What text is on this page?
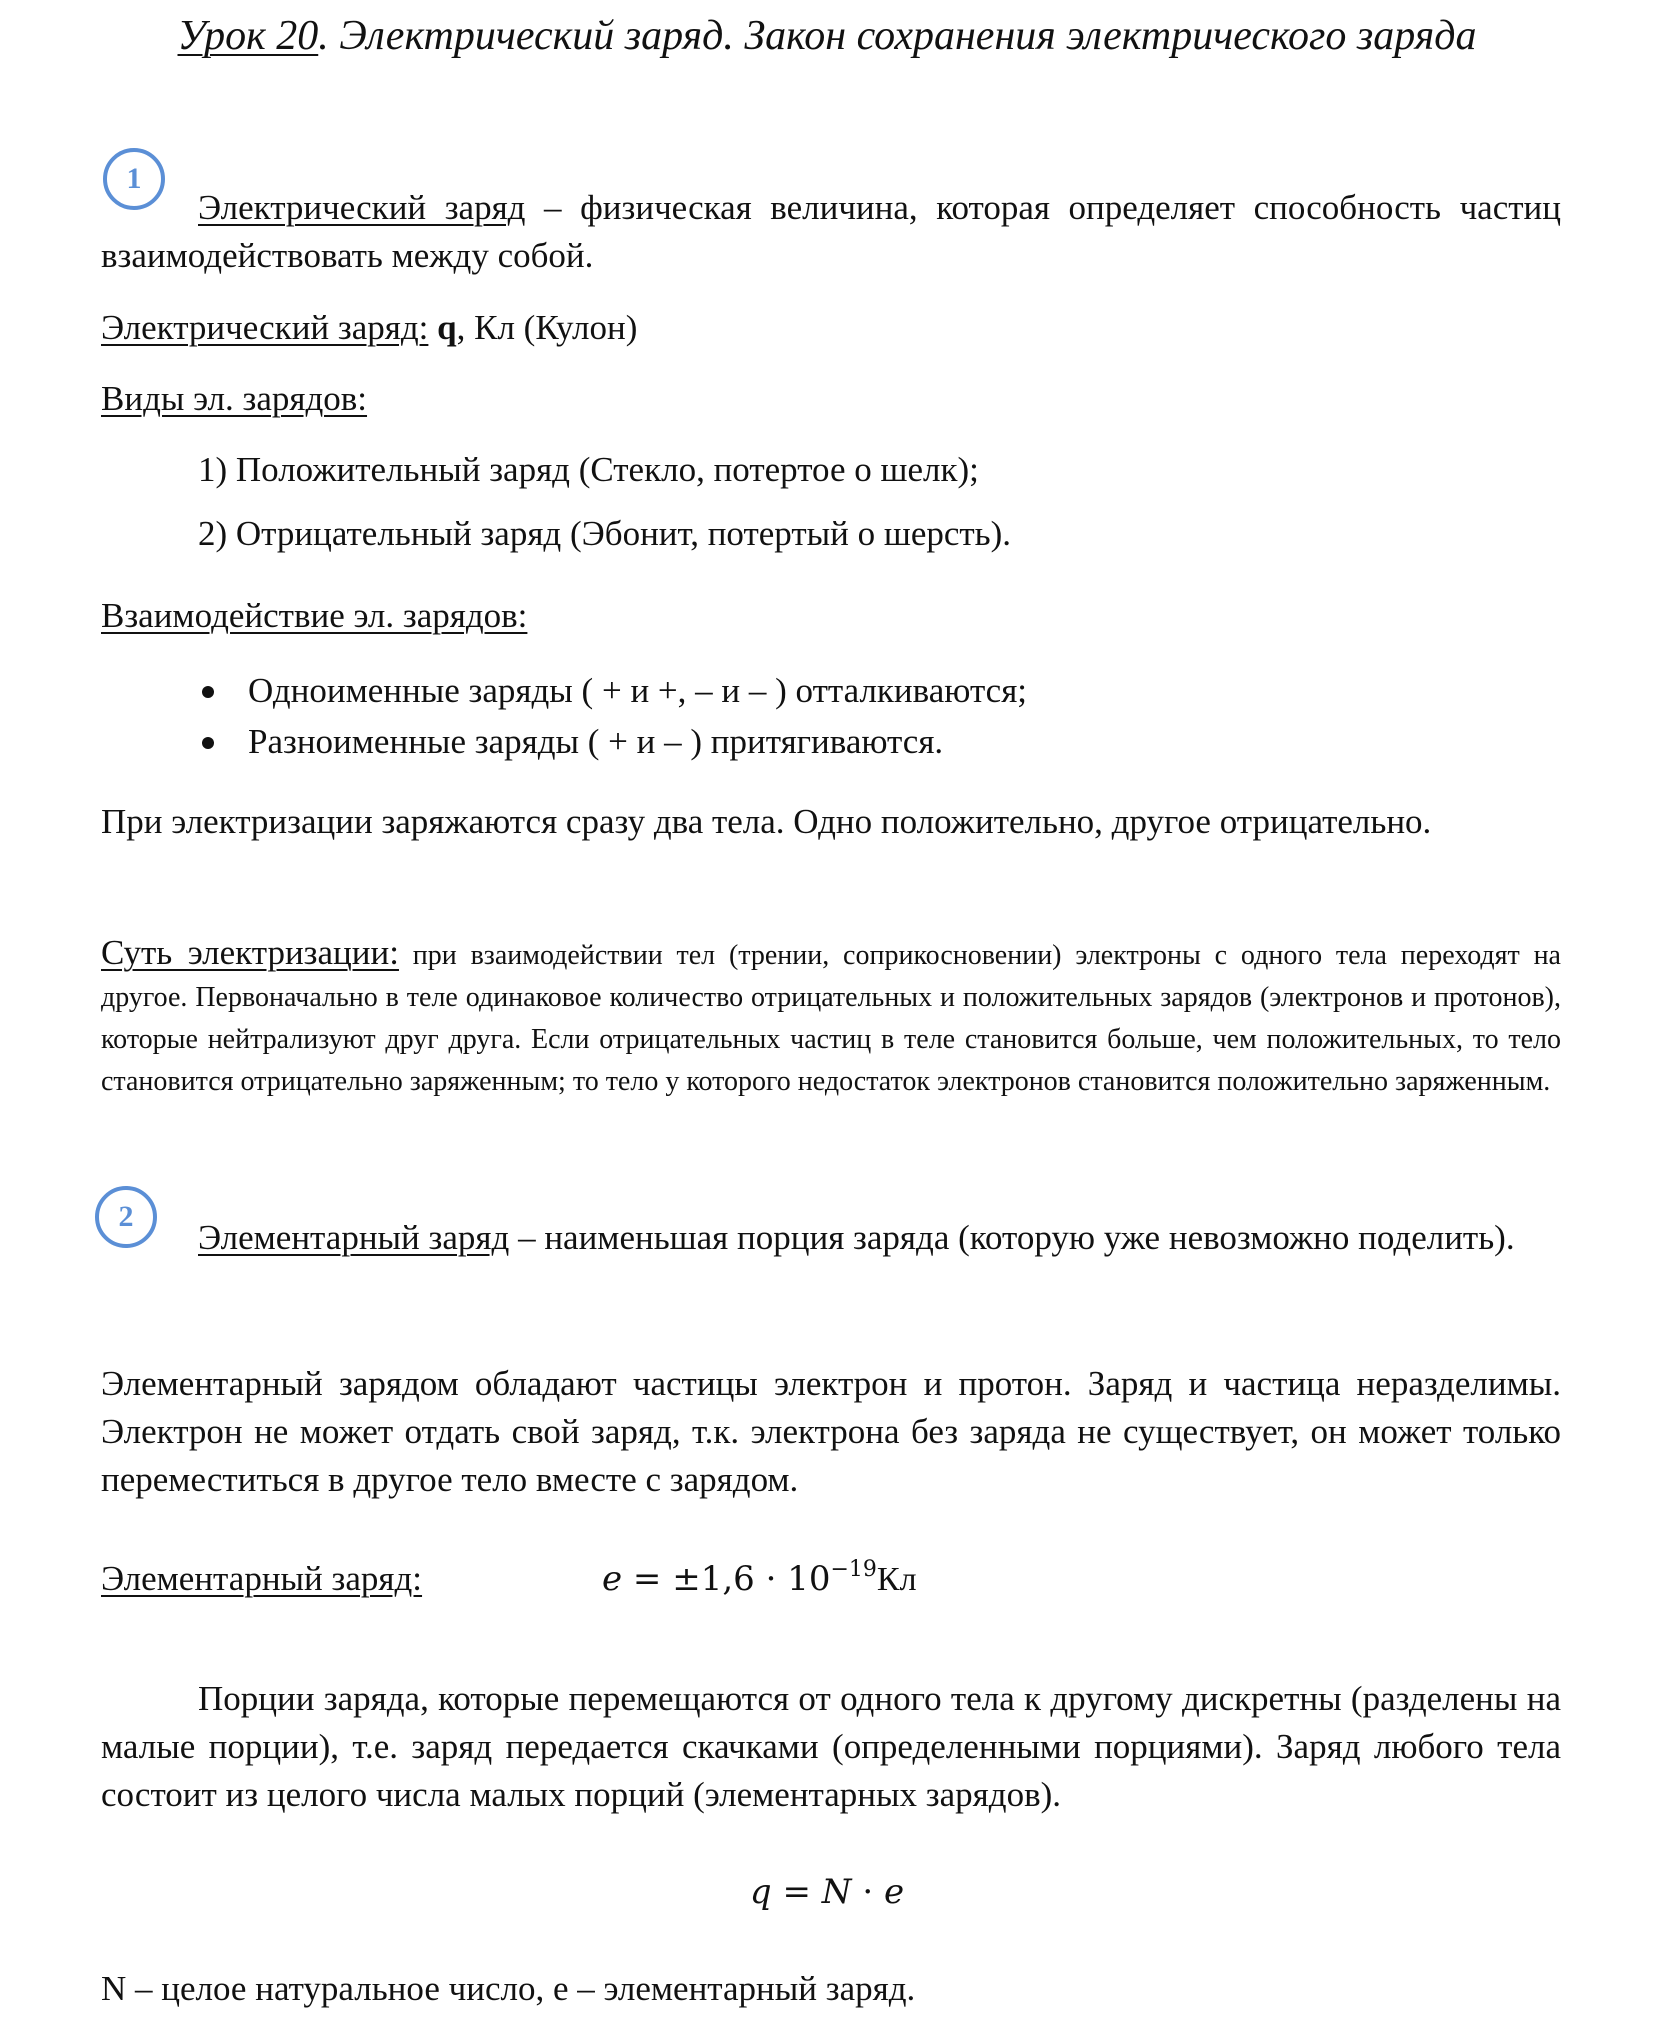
Урок 20. Электрический заряд. Закон сохранения электрического заряда
1
Электрический заряд – физическая величина, которая определяет способность частиц взаимодействовать между собой.
Электрический заряд: q, Кл (Кулон)
Виды эл. зарядов:
1) Положительный заряд (Стекло, потертое о шелк);
2) Отрицательный заряд (Эбонит, потертый о шерсть).
Взаимодействие эл. зарядов:
Одноименные заряды ( + и +, – и – ) отталкиваются;
Разноименные заряды ( + и – ) притягиваются.
При электризации заряжаются сразу два тела. Одно положительно, другое отрицательно.
Суть электризации: при взаимодействии тел (трении, соприкосновении) электроны с одного тела переходят на другое. Первоначально в теле одинаковое количество отрицательных и положительных зарядов (электронов и протонов), которые нейтрализуют друг друга. Если отрицательных частиц в теле становится больше, чем положительных, то тело становится отрицательно заряженным; то тело у которого недостаток электронов становится положительно заряженным.
2
Элементарный заряд – наименьшая порция заряда (которую уже невозможно поделить).
Элементарный зарядом обладают частицы электрон и протон. Заряд и частица неразделимы. Электрон не может отдать свой заряд, т.к. электрона без заряда не существует, он может только переместиться в другое тело вместе с зарядом.
Элементарный заряд:	$e = \pm 1,6 \cdot 10^{-19}Кл$
Порции заряда, которые перемещаются от одного тела к другому дискретны (разделены на малые порции), т.е. заряд передается скачками (определенными порциями). Заряд любого тела состоит из целого числа малых порций (элементарных зарядов).
q = N · e
N – целое натуральное число, e – элементарный заряд.
